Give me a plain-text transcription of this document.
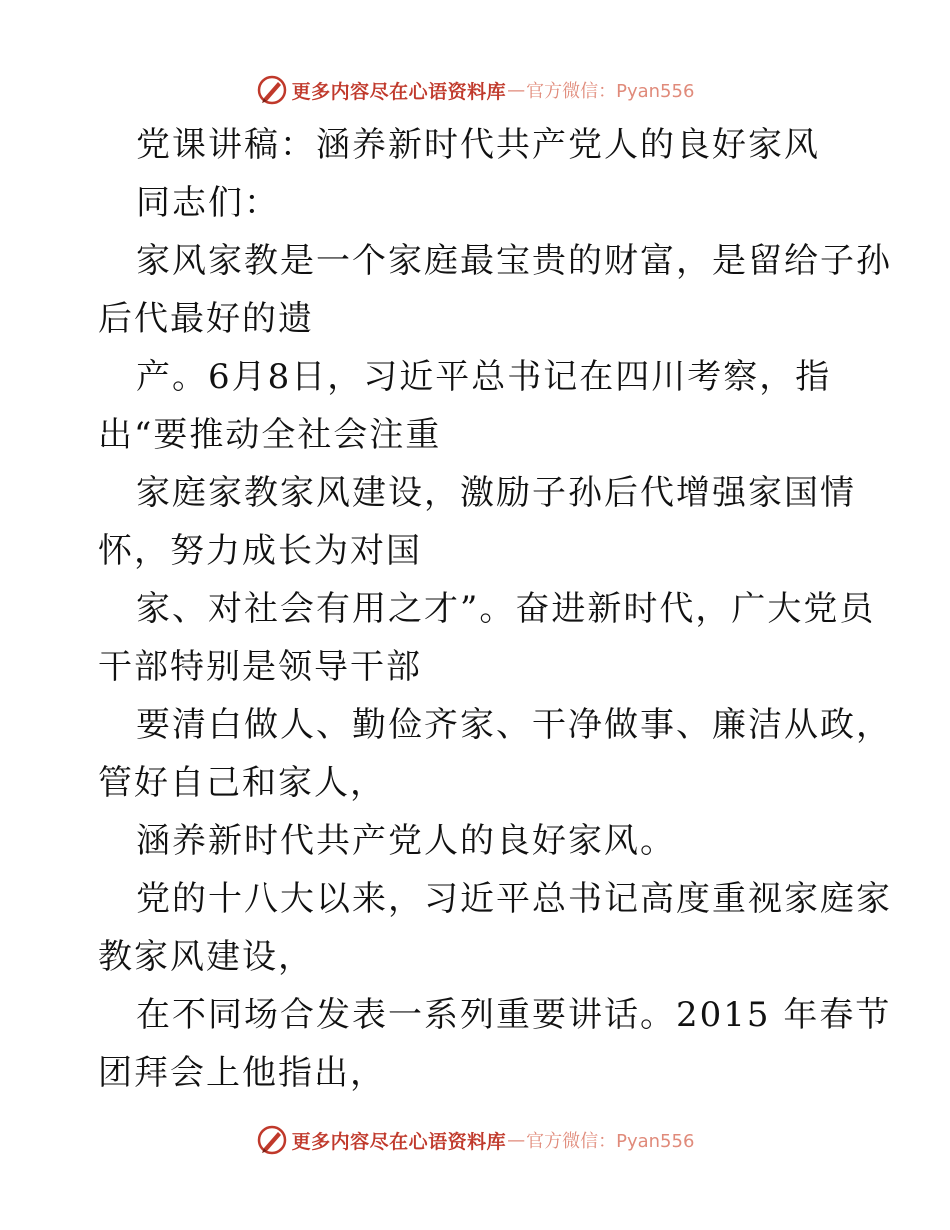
更多内容尽在心语资料库 — 官方微信：Pyan556
党课讲稿：涵养新时代共产党人的良好家风
同志们：
家风家教是一个家庭最宝贵的财富，是留给子孙
后代最好的遗
产。6月8日，习近平总书记在四川考察，指
出“要推动全社会注重
家庭家教家风建设，激励子孙后代增强家国情
怀，努力成长为对国
家、对社会有用之才”。奋进新时代，广大党员
干部特别是领导干部
要清白做人、勤俭齐家、干净做事、廉洁从政，
管好自己和家人，
涵养新时代共产党人的良好家风。
党的十八大以来，习近平总书记高度重视家庭家
教家风建设，
在不同场合发表一系列重要讲话。2015 年春节
团拜会上他指出，
更多内容尽在心语资料库 — 官方微信：Pyan556
